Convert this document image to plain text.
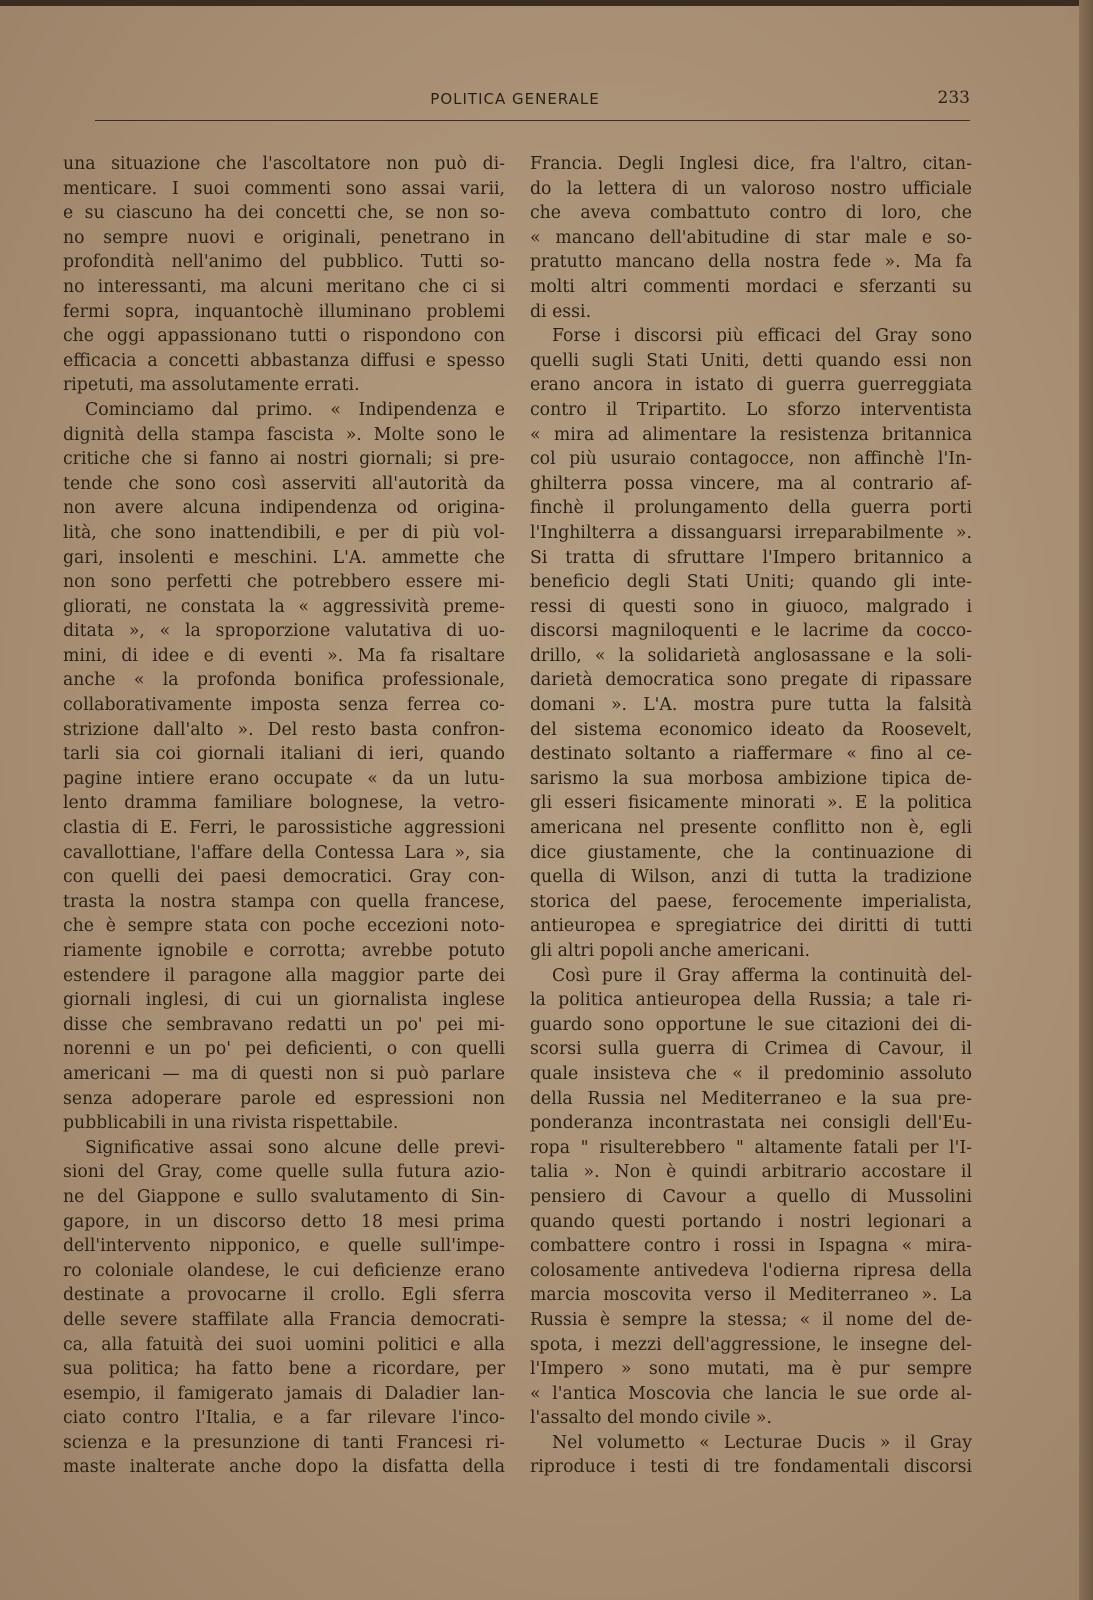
POLITICA GENERALE	233
una situazione che l'ascoltatore non può di-
menticare. I suoi commenti sono assai varii,
e su ciascuno ha dei concetti che, se non so-
no sempre nuovi e originali, penetrano in
profondità nell'animo del pubblico. Tutti so-
no interessanti, ma alcuni meritano che ci si
fermi sopra, inquantochè illuminano problemi
che oggi appassionano tutti o rispondono con
efficacia a concetti abbastanza diffusi e spesso
ripetuti, ma assolutamente errati.
Cominciamo dal primo. « Indipendenza e
dignità della stampa fascista ». Molte sono le
critiche che si fanno ai nostri giornali; si pre-
tende che sono così asserviti all'autorità da
non avere alcuna indipendenza od origina-
lità, che sono inattendibili, e per di più vol-
gari, insolenti e meschini. L'A. ammette che
non sono perfetti che potrebbero essere mi-
gliorati, ne constata la « aggressività preme-
ditata », « la sproporzione valutativa di uo-
mini, di idee e di eventi ». Ma fa risaltare
anche « la profonda bonifica professionale,
collaborativamente imposta senza ferrea co-
strizione dall'alto ». Del resto basta confron-
tarli sia coi giornali italiani di ieri, quando
pagine intiere erano occupate « da un lutu-
lento dramma familiare bolognese, la vetro-
clastia di E. Ferri, le parossistiche aggressioni
cavallottiane, l'affare della Contessa Lara », sia
con quelli dei paesi democratici. Gray con-
trasta la nostra stampa con quella francese,
che è sempre stata con poche eccezioni noto-
riamente ignobile e corrotta; avrebbe potuto
estendere il paragone alla maggior parte dei
giornali inglesi, di cui un giornalista inglese
disse che sembravano redatti un po' pei mi-
norenni e un po' pei deficienti, o con quelli
americani — ma di questi non si può parlare
senza adoperare parole ed espressioni non
pubblicabili in una rivista rispettabile.
Significative assai sono alcune delle previ-
sioni del Gray, come quelle sulla futura azio-
ne del Giappone e sullo svalutamento di Sin-
gapore, in un discorso detto 18 mesi prima
dell'intervento nipponico, e quelle sull'impe-
ro coloniale olandese, le cui deficienze erano
destinate a provocarne il crollo. Egli sferra
delle severe staffilate alla Francia democrati-
ca, alla fatuità dei suoi uomini politici e alla
sua politica; ha fatto bene a ricordare, per
esempio, il famigerato jamais di Daladier lan-
ciato contro l'Italia, e a far rilevare l'inco-
scienza e la presunzione di tanti Francesi ri-
maste inalterate anche dopo la disfatta della
Francia. Degli Inglesi dice, fra l'altro, citan-
do la lettera di un valoroso nostro ufficiale
che aveva combattuto contro di loro, che
« mancano dell'abitudine di star male e so-
pratutto mancano della nostra fede ». Ma fa
molti altri commenti mordaci e sferzanti su
di essi.
Forse i discorsi più efficaci del Gray sono
quelli sugli Stati Uniti, detti quando essi non
erano ancora in istato di guerra guerreggiata
contro il Tripartito. Lo sforzo interventista
« mira ad alimentare la resistenza britannica
col più usuraio contagocce, non affinchè l'In-
ghilterra possa vincere, ma al contrario af-
finchè il prolungamento della guerra porti
l'Inghilterra a dissanguarsi irreparabilmente ».
Si tratta di sfruttare l'Impero britannico a
beneficio degli Stati Uniti; quando gli inte-
ressi di questi sono in giuoco, malgrado i
discorsi magniloquenti e le lacrime da cocco-
drillo, « la solidarietà anglosassane e la soli-
darietà democratica sono pregate di ripassare
domani ». L'A. mostra pure tutta la falsità
del sistema economico ideato da Roosevelt,
destinato soltanto a riaffermare « fino al ce-
sarismo la sua morbosa ambizione tipica de-
gli esseri fisicamente minorati ». E la politica
americana nel presente conflitto non è, egli
dice giustamente, che la continuazione di
quella di Wilson, anzi di tutta la tradizione
storica del paese, ferocemente imperialista,
antieuropea e spregiatrice dei diritti di tutti
gli altri popoli anche americani.
Così pure il Gray afferma la continuità del-
la politica antieuropea della Russia; a tale ri-
guardo sono opportune le sue citazioni dei di-
scorsi sulla guerra di Crimea di Cavour, il
quale insisteva che « il predominio assoluto
della Russia nel Mediterraneo e la sua pre-
ponderanza incontrastata nei consigli dell'Eu-
ropa " risulterebbero " altamente fatali per l'I-
talia ». Non è quindi arbitrario accostare il
pensiero di Cavour a quello di Mussolini
quando questi portando i nostri legionari a
combattere contro i rossi in Ispagna « mira-
colosamente antivedeva l'odierna ripresa della
marcia moscovita verso il Mediterraneo ». La
Russia è sempre la stessa; « il nome del de-
spota, i mezzi dell'aggressione, le insegne del-
l'Impero » sono mutati, ma è pur sempre
« l'antica Moscovia che lancia le sue orde al-
l'assalto del mondo civile ».
Nel volumetto « Lecturae Ducis » il Gray
riproduce i testi di tre fondamentali discorsi
